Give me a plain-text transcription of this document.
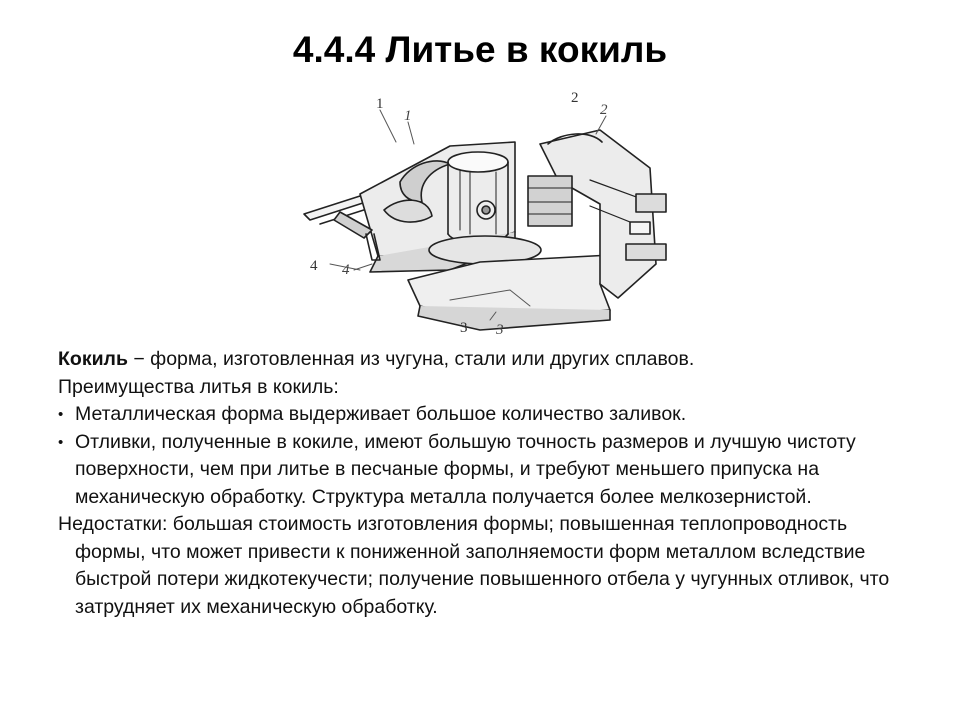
4.4.4 Литье в кокиль
1
1
2
2
3 3
4 4

Кокиль − форма, изготовленная из чугуна, стали или других сплавов.

Преимущества литья в кокиль:

• Металлическая форма выдерживает большое количество заливок.
• Отливки, полученные в кокиле, имеют большую точность размеров и лучшую чистоту поверхности, чем при литье в песчаные формы, и требуют меньшего припуска на механическую обработку. Структура металла получается более мелкозернистой.

Недостатки: большая стоимость изготовления формы; повышенная теплопроводность формы, что может привести к пониженной заполняемости форм металлом вследствие быстрой потери жидкотекучести; получение повышенного отбела у чугунных отливок, что затрудняет их механическую обработку.
